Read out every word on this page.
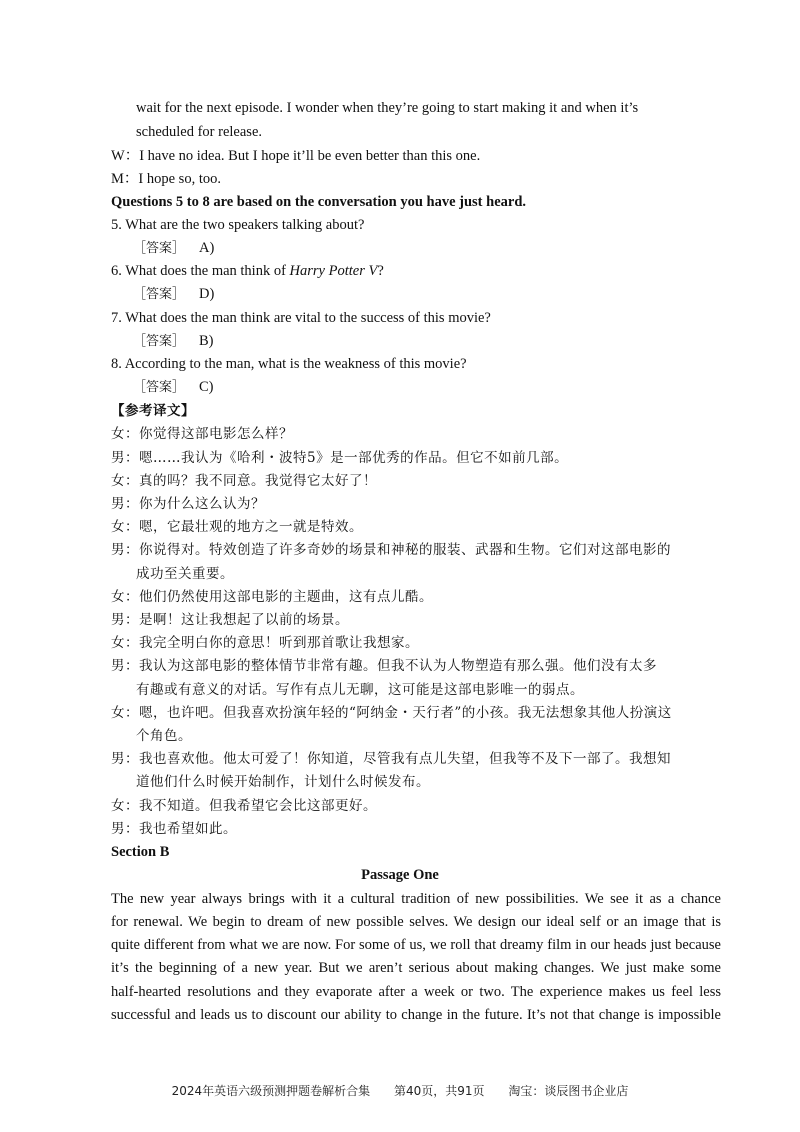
wait for the next episode. I wonder when they’re going to start making it and when it’s
scheduled for release.
W：I have no idea. But I hope it’ll be even better than this one.
M：I hope so, too.
Questions 5 to 8 are based on the conversation you have just heard.
5. What are the two speakers talking about?
［答案］ A)
6. What does the man think of Harry Potter V?
［答案］ D)
7. What does the man think are vital to the success of this movie?
［答案］ B)
8. According to the man, what is the weakness of this movie?
［答案］ C)
【参考译文】
女：你觉得这部电影怎么样？
男：嗯……我认为《哈利・波特5》是一部优秀的作品。但它不如前几部。
女：真的吗？我不同意。我觉得它太好了！
男：你为什么这么认为？
女：嗯，它最壮观的地方之一就是特效。
男：你说得对。特效创造了许多奇妙的场景和神秘的服装、武器和生物。它们对这部电影的
成功至关重要。
女：他们仍然使用这部电影的主题曲，这有点儿酷。
男：是啊！这让我想起了以前的场景。
女：我完全明白你的意思！听到那首歌让我想家。
男：我认为这部电影的整体情节非常有趣。但我不认为人物塑造有那么强。他们没有太多
有趣或有意义的对话。写作有点儿无聊，这可能是这部电影唯一的弱点。
女：嗯，也许吧。但我喜欢扮演年轻的“阿纳金・天行者”的小孩。我无法想象其他人扮演这
个角色。
男：我也喜欢他。他太可爱了！你知道，尽管我有点儿失望，但我等不及下一部了。我想知
道他们什么时候开始制作，计划什么时候发布。
女：我不知道。但我希望它会比这部更好。
男：我也希望如此。
Section B
Passage One
The new year always brings with it a cultural tradition of new possibilities. We see it as a chance
for renewal. We begin to dream of new possible selves. We design our ideal self or an image that is
quite different from what we are now. For some of us, we roll that dreamy film in our heads just because
it’s the beginning of a new year. But we aren’t serious about making changes. We just make some
half-hearted resolutions and they evaporate after a week or two. The experience makes us feel less
successful and leads us to discount our ability to change in the future. It’s not that change is impossible
2024年英语六级预测押题卷解析合集 第40页，共91页 淘宝：谈辰图书企业店
